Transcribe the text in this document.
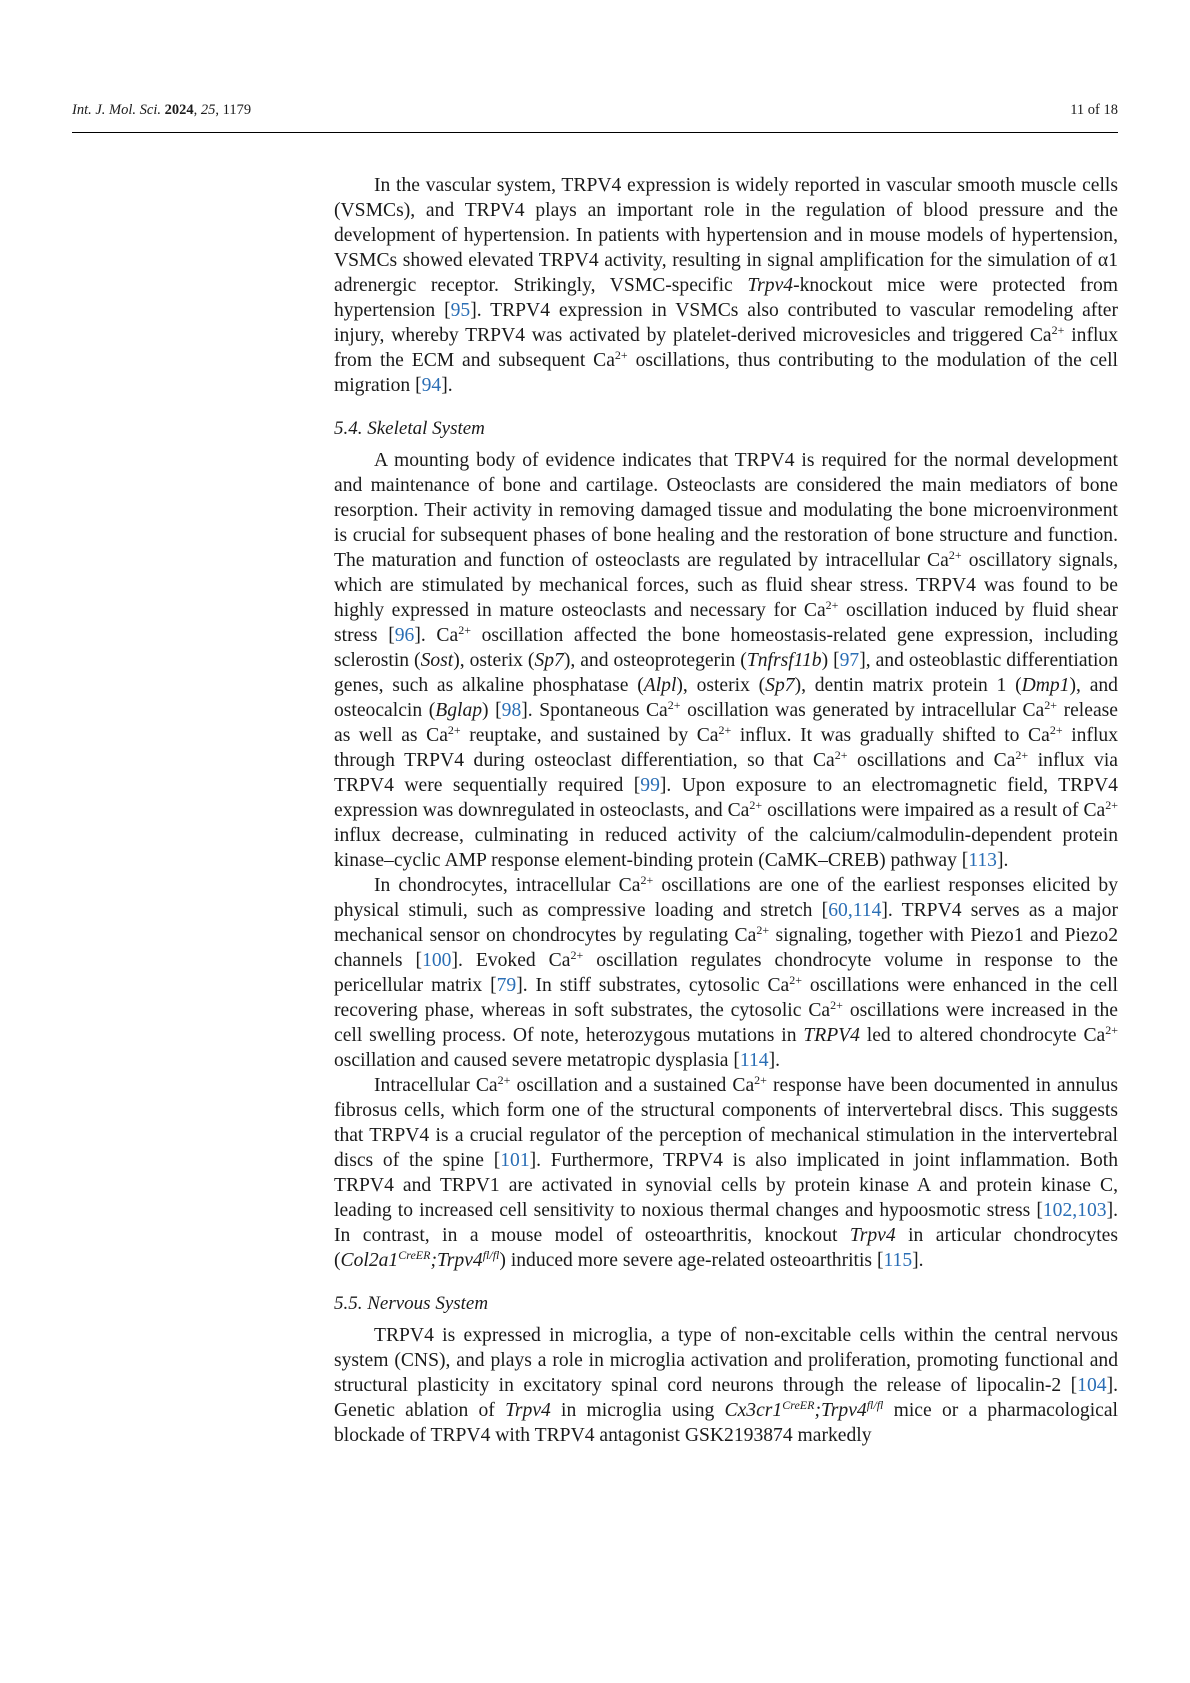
Int. J. Mol. Sci. 2024, 25, 1179	11 of 18

In the vascular system, TRPV4 expression is widely reported in vascular smooth muscle cells (VSMCs), and TRPV4 plays an important role in the regulation of blood pressure and the development of hypertension. In patients with hypertension and in mouse models of hypertension, VSMCs showed elevated TRPV4 activity, resulting in signal amplification for the simulation of α1 adrenergic receptor. Strikingly, VSMC-specific Trpv4-knockout mice were protected from hypertension [95]. TRPV4 expression in VSMCs also contributed to vascular remodeling after injury, whereby TRPV4 was activated by platelet-derived microvesicles and triggered $Ca^{2+}$ influx from the ECM and subsequent $Ca^{2+}$ oscillations, thus contributing to the modulation of the cell migration [94].

5.4. Skeletal System

A mounting body of evidence indicates that TRPV4 is required for the normal development and maintenance of bone and cartilage. Osteoclasts are considered the main mediators of bone resorption. Their activity in removing damaged tissue and modulating the bone microenvironment is crucial for subsequent phases of bone healing and the restoration of bone structure and function. The maturation and function of osteoclasts are regulated by intracellular $Ca^{2+}$ oscillatory signals, which are stimulated by mechanical forces, such as fluid shear stress. TRPV4 was found to be highly expressed in mature osteoclasts and necessary for $Ca^{2+}$ oscillation induced by fluid shear stress [96]. $Ca^{2+}$ oscillation affected the bone homeostasis-related gene expression, including sclerostin (Sost), osterix (Sp7), and osteoprotegerin (Tnfrsf11b) [97], and osteoblastic differentiation genes, such as alkaline phosphatase (Alpl), osterix (Sp7), dentin matrix protein 1 (Dmp1), and osteocalcin (Bglap) [98]. Spontaneous $Ca^{2+}$ oscillation was generated by intracellular $Ca^{2+}$ release as well as $Ca^{2+}$ reuptake, and sustained by $Ca^{2+}$ influx. It was gradually shifted to $Ca^{2+}$ influx through TRPV4 during osteoclast differentiation, so that $Ca^{2+}$ oscillations and $Ca^{2+}$ influx via TRPV4 were sequentially required [99]. Upon exposure to an electromagnetic field, TRPV4 expression was downregulated in osteoclasts, and $Ca^{2+}$ oscillations were impaired as a result of $Ca^{2+}$ influx decrease, culminating in reduced activity of the calcium/calmodulin-dependent protein kinase–cyclic AMP response element-binding protein (CaMK–CREB) pathway [113].

In chondrocytes, intracellular $Ca^{2+}$ oscillations are one of the earliest responses elicited by physical stimuli, such as compressive loading and stretch [60,114]. TRPV4 serves as a major mechanical sensor on chondrocytes by regulating $Ca^{2+}$ signaling, together with Piezo1 and Piezo2 channels [100]. Evoked $Ca^{2+}$ oscillation regulates chondrocyte volume in response to the pericellular matrix [79]. In stiff substrates, cytosolic $Ca^{2+}$ oscillations were enhanced in the cell recovering phase, whereas in soft substrates, the cytosolic $Ca^{2+}$ oscillations were increased in the cell swelling process. Of note, heterozygous mutations in TRPV4 led to altered chondrocyte $Ca^{2+}$ oscillation and caused severe metatropic dysplasia [114].

Intracellular $Ca^{2+}$ oscillation and a sustained $Ca^{2+}$ response have been documented in annulus fibrosus cells, which form one of the structural components of intervertebral discs. This suggests that TRPV4 is a crucial regulator of the perception of mechanical stimulation in the intervertebral discs of the spine [101]. Furthermore, TRPV4 is also implicated in joint inflammation. Both TRPV4 and TRPV1 are activated in synovial cells by protein kinase A and protein kinase C, leading to increased cell sensitivity to noxious thermal changes and hypoosmotic stress [102,103]. In contrast, in a mouse model of osteoarthritis, knockout Trpv4 in articular chondrocytes $(Col2a1^{CreER};Trpv4^{fl/fl})$ induced more severe age-related osteoarthritis [115].

5.5. Nervous System

TRPV4 is expressed in microglia, a type of non-excitable cells within the central nervous system (CNS), and plays a role in microglia activation and proliferation, promoting functional and structural plasticity in excitatory spinal cord neurons through the release of lipocalin-2 [104]. Genetic ablation of Trpv4 in microglia using $Cx3cr1^{CreER};Trpv4^{fl/fl}$ mice or a pharmacological blockade of TRPV4 with TRPV4 antagonist GSK2193874 markedly
